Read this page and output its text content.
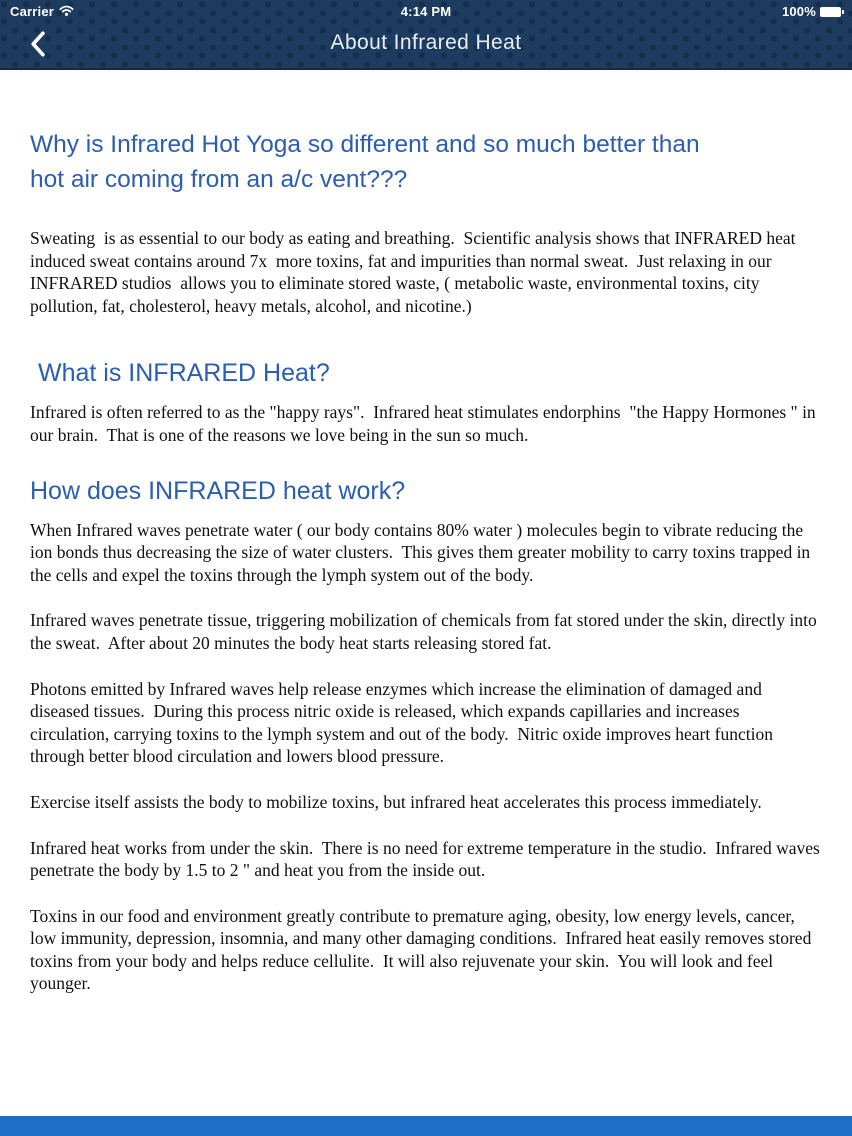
Carrier	4:14 PM	100%
About Infrared Heat
Why is Infrared Hot Yoga so different and so much better than
hot air coming from an a/c vent???

Sweating  is as essential to our body as eating and breathing.  Scientific analysis shows that INFRARED heat induced sweat contains around 7x  more toxins, fat and impurities than normal sweat.  Just relaxing in our INFRARED studios  allows you to eliminate stored waste, ( metabolic waste, environmental toxins, city pollution, fat, cholesterol, heavy metals, alcohol, and nicotine.)

What is INFRARED Heat?

Infrared is often referred to as the "happy rays".  Infrared heat stimulates endorphins  "the Happy Hormones " in our brain.  That is one of the reasons we love being in the sun so much.

How does INFRARED heat work?

When Infrared waves penetrate water ( our body contains 80% water ) molecules begin to vibrate reducing the ion bonds thus decreasing the size of water clusters.  This gives them greater mobility to carry toxins trapped in the cells and expel the toxins through the lymph system out of the body.

Infrared waves penetrate tissue, triggering mobilization of chemicals from fat stored under the skin, directly into the sweat.  After about 20 minutes the body heat starts releasing stored fat.

Photons emitted by Infrared waves help release enzymes which increase the elimination of damaged and diseased tissues.  During this process nitric oxide is released, which expands capillaries and increases circulation, carrying toxins to the lymph system and out of the body.  Nitric oxide improves heart function through better blood circulation and lowers blood pressure.

Exercise itself assists the body to mobilize toxins, but infrared heat accelerates this process immediately.

Infrared heat works from under the skin.  There is no need for extreme temperature in the studio.  Infrared waves penetrate the body by 1.5 to 2 " and heat you from the inside out.

Toxins in our food and environment greatly contribute to premature aging, obesity, low energy levels, cancer, low immunity, depression, insomnia, and many other damaging conditions.  Infrared heat easily removes stored toxins from your body and helps reduce cellulite.  It will also rejuvenate your skin.  You will look and feel younger.
